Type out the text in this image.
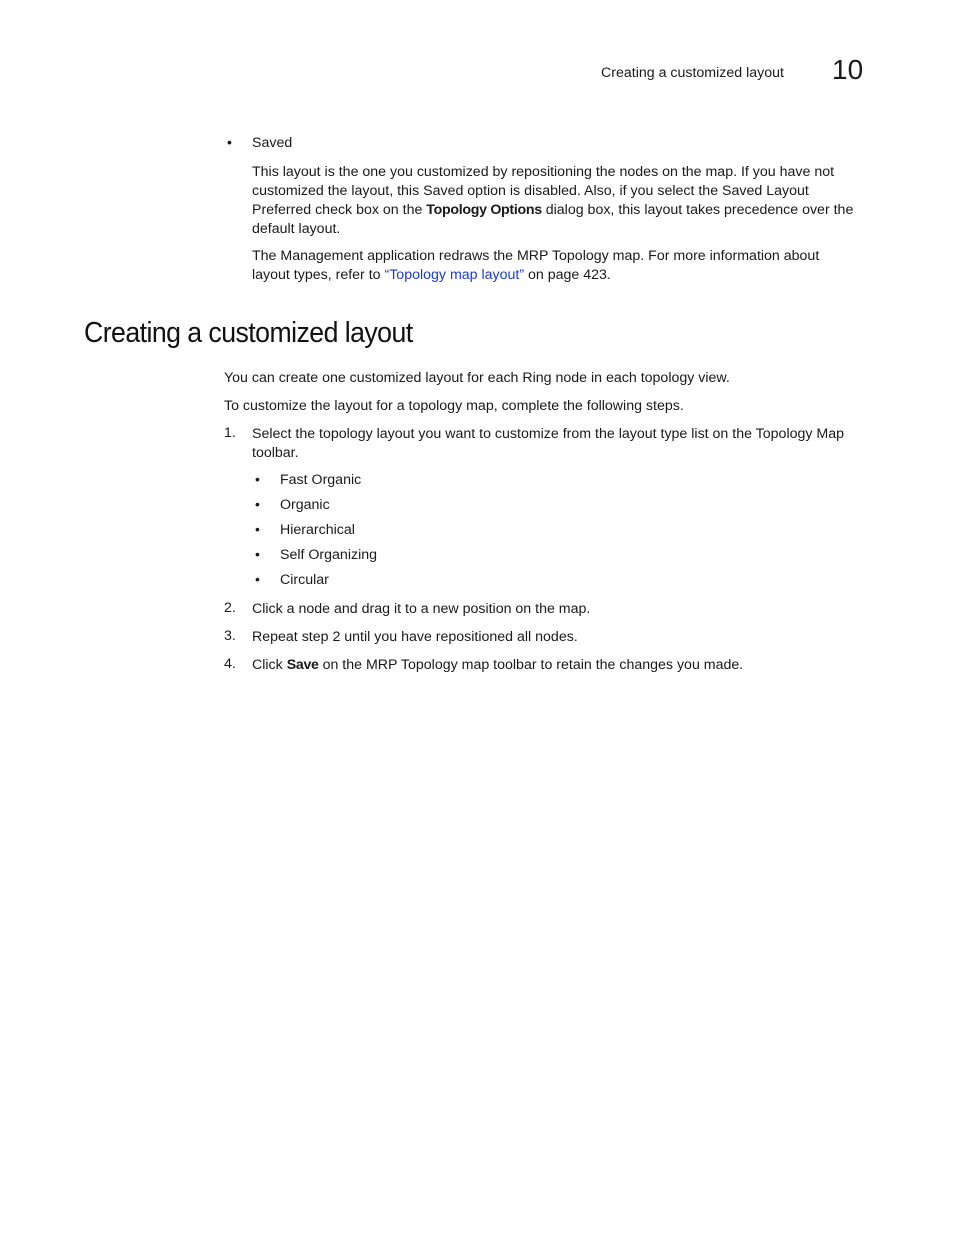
Creating a customized layout 10
• Saved
This layout is the one you customized by repositioning the nodes on the map. If you have not
customized the layout, this Saved option is disabled. Also, if you select the Saved Layout
Preferred check box on the Topology Options dialog box, this layout takes precedence over the
default layout.
The Management application redraws the MRP Topology map. For more information about
layout types, refer to “Topology map layout” on page 423.
Creating a customized layout
You can create one customized layout for each Ring node in each topology view.
To customize the layout for a topology map, complete the following steps.
1. Select the topology layout you want to customize from the layout type list on the Topology Map
toolbar.
• Fast Organic
• Organic
• Hierarchical
• Self Organizing
• Circular
2. Click a node and drag it to a new position on the map.
3. Repeat step 2 until you have repositioned all nodes.
4. Click Save on the MRP Topology map toolbar to retain the changes you made.
